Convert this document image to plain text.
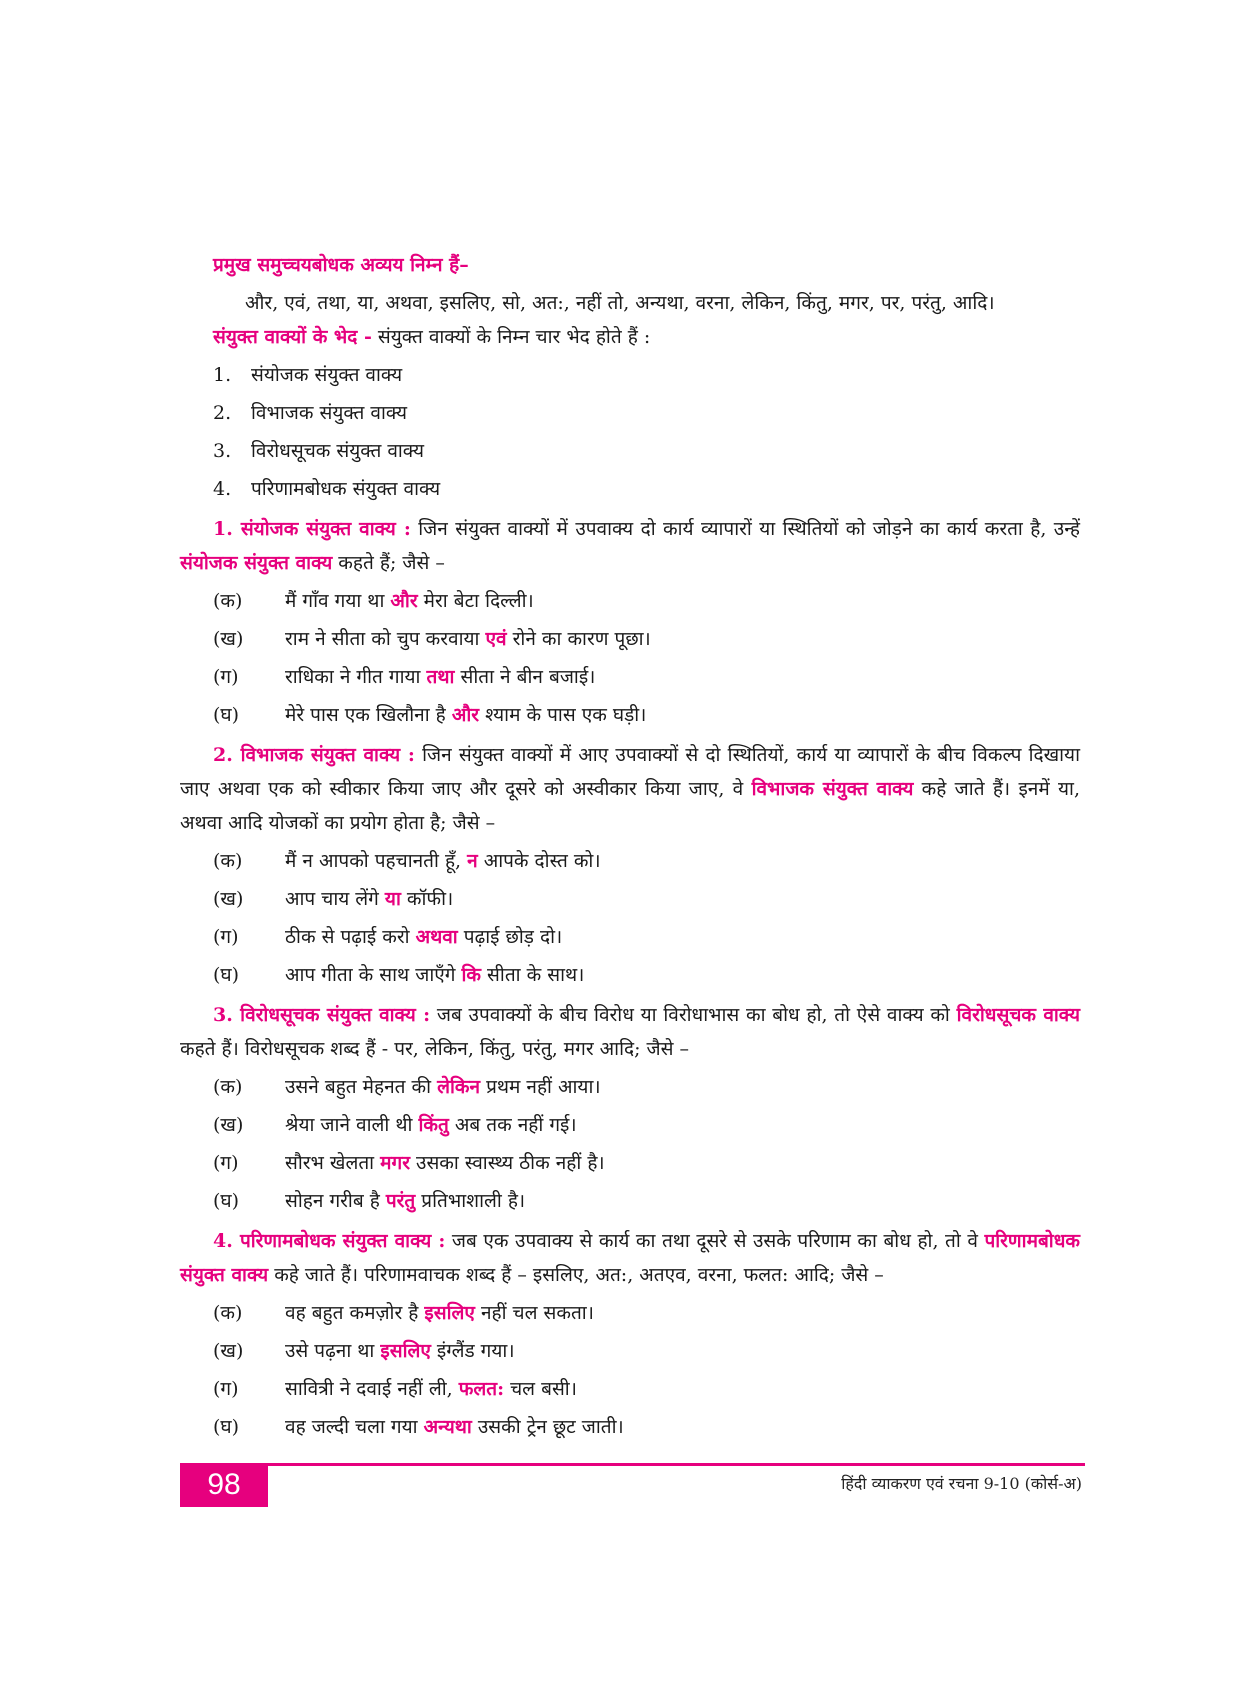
प्रमुख समुच्चयबोधक अव्यय निम्न हैं–

और, एवं, तथा, या, अथवा, इसलिए, सो, अत:, नहीं तो, अन्यथा, वरना, लेकिन, किंतु, मगर, पर, परंतु, आदि।

संयुक्त वाक्यों के भेद - संयुक्त वाक्यों के निम्न चार भेद होते हैं :

1. संयोजक संयुक्त वाक्य
2. विभाजक संयुक्त वाक्य
3. विरोधसूचक संयुक्त वाक्य
4. परिणामबोधक संयुक्त वाक्य

1. संयोजक संयुक्त वाक्य : जिन संयुक्त वाक्यों में उपवाक्य दो कार्य व्यापारों या स्थितियों को जोड़ने का कार्य करता है, उन्हें संयोजक संयुक्त वाक्य कहते हैं; जैसे –

(क) मैं गाँव गया था और मेरा बेटा दिल्ली।
(ख) राम ने सीता को चुप करवाया एवं रोने का कारण पूछा।
(ग) राधिका ने गीत गाया तथा सीता ने बीन बजाई।
(घ) मेरे पास एक खिलौना है और श्याम के पास एक घड़ी।

2. विभाजक संयुक्त वाक्य : जिन संयुक्त वाक्यों में आए उपवाक्यों से दो स्थितियों, कार्य या व्यापारों के बीच विकल्प दिखाया जाए अथवा एक को स्वीकार किया जाए और दूसरे को अस्वीकार किया जाए, वे विभाजक संयुक्त वाक्य कहे जाते हैं। इनमें या, अथवा आदि योजकों का प्रयोग होता है; जैसे –

(क) मैं न आपको पहचानती हूँ, न आपके दोस्त को।
(ख) आप चाय लेंगे या कॉफी।
(ग) ठीक से पढ़ाई करो अथवा पढ़ाई छोड़ दो।
(घ) आप गीता के साथ जाएँगे कि सीता के साथ।

3. विरोधसूचक संयुक्त वाक्य : जब उपवाक्यों के बीच विरोध या विरोधाभास का बोध हो, तो ऐसे वाक्य को विरोधसूचक वाक्य कहते हैं। विरोधसूचक शब्द हैं - पर, लेकिन, किंतु, परंतु, मगर आदि; जैसे –

(क) उसने बहुत मेहनत की लेकिन प्रथम नहीं आया।
(ख) श्रेया जाने वाली थी किंतु अब तक नहीं गई।
(ग) सौरभ खेलता मगर उसका स्वास्थ्य ठीक नहीं है।
(घ) सोहन गरीब है परंतु प्रतिभाशाली है।

4. परिणामबोधक संयुक्त वाक्य : जब एक उपवाक्य से कार्य का तथा दूसरे से उसके परिणाम का बोध हो, तो वे परिणामबोधक संयुक्त वाक्य कहे जाते हैं। परिणामवाचक शब्द हैं – इसलिए, अत:, अतएव, वरना, फलत: आदि; जैसे –

(क) वह बहुत कमज़ोर है इसलिए नहीं चल सकता।
(ख) उसे पढ़ना था इसलिए इंग्लैंड गया।
(ग) सावित्री ने दवाई नहीं ली, फलत: चल बसी।
(घ) वह जल्दी चला गया अन्यथा उसकी ट्रेन छूट जाती।
98	हिंदी व्याकरण एवं रचना 9-10 (कोर्स-अ)
